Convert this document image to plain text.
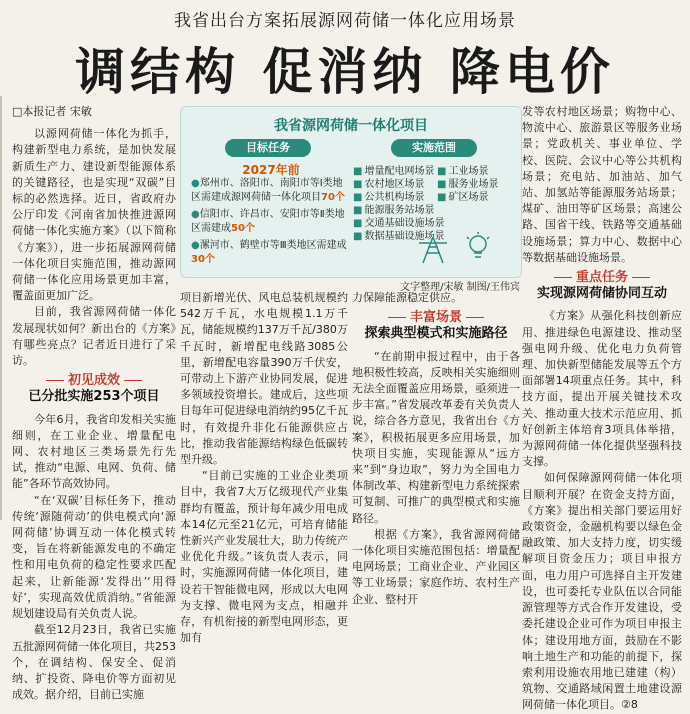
我省出台方案拓展源网荷储一体化应用场景
调结构 促消纳 降电价
□本报记者 宋敏

以源网荷储一体化为抓手，构建新型电力系统，是加快发展新质生产力、建设新型能源体系的关键路径，也是实现“双碳”目标的必然选择。近日，省政府办公厅印发《河南省加快推进源网荷储一体化实施方案》（以下简称《方案》），进一步拓展源网荷储一体化项目实施范围，推动源网荷储一体化应用场景更加丰富，覆盖面更加广泛。

目前，我省源网荷储一体化发展现状如何？新出台的《方案》有哪些亮点？记者近日进行了采访。

初见成效
已分批实施253个项目

今年6月，我省印发相关实施细则，在工业企业、增量配电网、农村地区三类场景先行先试，推动“电源、电网、负荷、储能”各环节高效协同。

“在‘双碳’目标任务下，推动传统‘源随荷动’的供电模式向‘源网荷储’协调互动一体化模式转变，旨在将新能源发电的不确定性和用电负荷的稳定性要求匹配起来，让新能源‘发得出’‘用得好’，实现高效优质消纳。”省能源规划建设局有关负责人说。

截至12月23日，我省已实施五批源网荷储一体化项目，共253个，在调结构、保安全、促消纳、扩投资、降电价等方面初见成效。据介绍，目前已实施

我省源网荷储一体化项目
目标任务	实施范围
2027年前
●郑州市、洛阳市、南阳市等Ⅰ类地区需建成源网荷储一体化项目70个
●信阳市、许昌市、安阳市等Ⅱ类地区需建成50个
●漯河市、鹤壁市等Ⅲ类地区需建成30个
■ 增量配电网场景 ■ 工业场景
■ 农村地区场景	■ 服务业场景
■ 公共机构场景	■ 矿区场景
■ 能源服务站场景
■ 交通基础设施场景
■ 数据基础设施场景
文字整理/宋敏 制图/王伟宾

项目新增光伏、风电总装机规模约542万千瓦，水电规模1.1万千瓦，储能规模约137万千瓦/380万千瓦时，新增配电线路3085公里，新增配电容量390万千伏安，可带动上下游产业协同发展，促进多领域投资增长。建成后，这些项目每年可促进绿电消纳约95亿千瓦时，有效提升非化石能源供应占比，推动我省能源结构绿色低碳转型升级。

“目前已实施的工业企业类项目中，我省7大万亿级现代产业集群均有覆盖，预计每年减少用电成本14亿元至21亿元，可培育储能性新兴产业发展壮大，助力传统产业优化升级。”该负责人表示，同时，实施源网荷储一体化项目，建设若干智能微电网，形成以大电网为支撑、微电网为支点，相融并存，有机衔接的新型电网形态，更加有

力保障能源稳定供应。

丰富场景
探索典型模式和实施路径

“在前期申报过程中，由于各地积极性较高，反映相关实施细则无法全面覆盖应用场景，亟须进一步丰富。”省发展改革委有关负责人说，综合各方意见，我省出台《方案》，积极拓展更多应用场景，加快项目实施，实现能源从“远方来”到“身边取”，努力为全国电力体制改革、构建新型电力系统探索可复制、可推广的典型模式和实施路径。

根据《方案》，我省源网荷储一体化项目实施范围包括：增量配电网场景；工商业企业、产业园区等工业场景；家庭作坊、农村生产企业、整村开

发等农村地区场景；购物中心、物流中心、旅游景区等服务业场景；党政机关、事业单位、学校、医院、会议中心等公共机构场景；充电站、加油站、加气站、加氢站等能源服务站场景；煤矿、油田等矿区场景；高速公路、国省干线、铁路等交通基础设施场景；算力中心、数据中心等数据基础设施场景。

重点任务
实现源网荷储协同互动

《方案》从强化科技创新应用、推进绿色电源建设、推动坚强电网升级、优化电力负荷管理、加快新型储能发展等五个方面部署14项重点任务。其中，科技方面，提出开展关键技术攻关、推动重大技术示范应用、抓好创新主体培育3项具体举措，为源网荷储一体化提供坚强科技支撑。

如何保障源网荷储一体化项目顺利开展？在资金支持方面，《方案》提出相关部门要运用好政策资金，金融机构要以绿色金融政策、加大支持力度，切实缓解项目资金压力；项目申报方面，电力用户可选择自主开发建设，也可委托专业队伍以合同能源管理等方式合作开发建设，受委托建设企业可作为项目申报主体；建设用地方面，鼓励在不影响土地生产和功能的前提下，探索利用设施农用地已建建（构）筑物、交通路域闲置土地建设源网荷储一体化项目。②8
